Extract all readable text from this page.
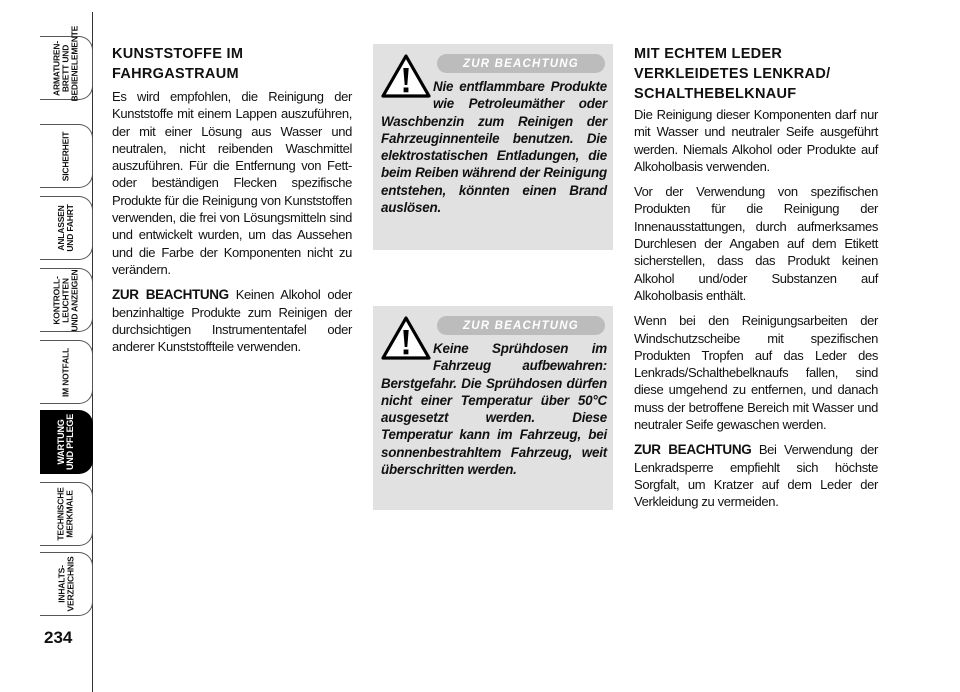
ARMATUREN-
BRETT UND
BEDIENELEMENTE
SICHERHEIT
ANLASSEN
UND FAHRT
KONTROLL-
LEUCHTEN
UND ANZEIGEN
IM NOTFALL
WARTUNG
UND PFLEGE
TECHNISCHE
MERKMALE
INHALTS-
VERZEICHNIS
234
KUNSTSTOFFE IM FAHRGASTRAUM

Es wird empfohlen, die Reinigung der Kunststoffe mit einem Lappen auszuführen, der mit einer Lösung aus Wasser und neutralen, nicht reibenden Waschmittel auszuführen. Für die Entfernung von Fett- oder beständigen Flecken spezifische Produkte für die Reinigung von Kunststoffen verwenden, die frei von Lösungsmitteln sind und entwickelt wurden, um das Aussehen und die Farbe der Komponenten nicht zu verändern.

ZUR BEACHTUNG Keinen Alkohol oder benzinhaltige Produkte zum Reinigen der durchsichtigen Instrumententafel oder anderer Kunststoffteile verwenden.

ZUR BEACHTUNG

Nie entflammbare Produkte wie Petroleumäther oder Waschbenzin zum Reinigen der Fahrzeuginnenteile benutzen. Die elektrostatischen Entladungen, die beim Reiben während der Reinigung entstehen, könnten einen Brand auslösen.

ZUR BEACHTUNG

Keine Sprühdosen im Fahrzeug aufbewahren: Berstgefahr. Die Sprühdosen dürfen nicht einer Temperatur über 50°C ausgesetzt werden. Diese Temperatur kann im Fahrzeug, bei sonnenbestrahltem Fahrzeug, weit überschritten werden.

MIT ECHTEM LEDER VERKLEIDETES LENKRAD/ SCHALTHEBELKNAUF

Die Reinigung dieser Komponenten darf nur mit Wasser und neutraler Seife ausgeführt werden. Niemals Alkohol oder Produkte auf Alkoholbasis verwenden.

Vor der Verwendung von spezifischen Produkten für die Reinigung der Innenausstattungen, durch aufmerksames Durchlesen der Angaben auf dem Etikett sicherstellen, dass das Produkt keinen Alkohol und/oder Substanzen auf Alkoholbasis enthält.

Wenn bei den Reinigungsarbeiten der Windschutzscheibe mit spezifischen Produkten Tropfen auf das Leder des Lenkrads/Schalthebelknaufs fallen, sind diese umgehend zu entfernen, und danach muss der betroffene Bereich mit Wasser und neutraler Seife gewaschen werden.

ZUR BEACHTUNG Bei Verwendung der Lenkradsperre empfiehlt sich höchste Sorgfalt, um Kratzer auf dem Leder der Verkleidung zu vermeiden.
